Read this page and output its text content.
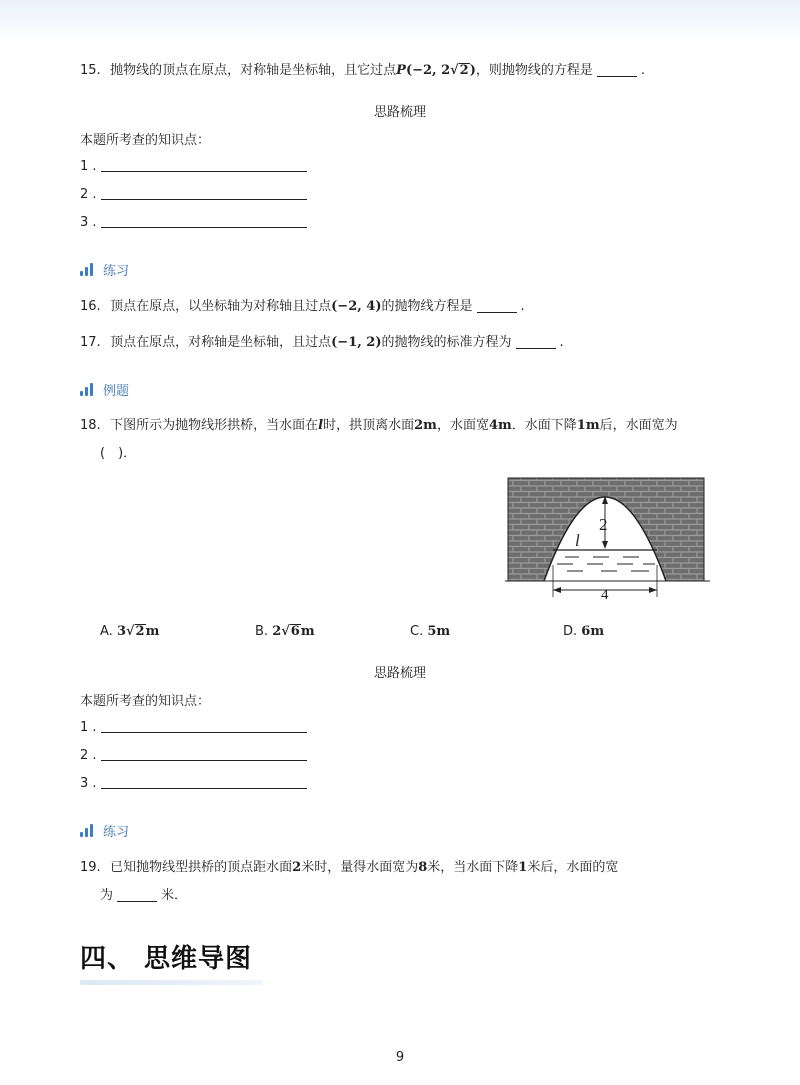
15. 抛物线的顶点在原点，对称轴是坐标轴，且它过点P(−2, 2√2)，则抛物线的方程是	.
思路梳理
本题所考查的知识点：
1 .
2 .
3 .
练习
16. 顶点在原点，以坐标轴为对称轴且过点(−2, 4)的抛物线方程是	.
17. 顶点在原点，对称轴是坐标轴，且过点(−1, 2)的抛物线的标准方程为	.
例题
18. 下图所示为抛物线形拱桥，当水面在l时，拱顶离水面2m，水面宽4m．水面下降1m后，水面宽为
(　)．
2
l
4
A. 3√2m	B. 2√6m	C. 5m	D. 6m
思路梳理
本题所考查的知识点：
1 .
2 .
3 .
练习
19. 已知抛物线型拱桥的顶点距水面2米时，量得水面宽为8米，当水面下降1米后，水面的宽
为	米．
四、 思维导图
9
